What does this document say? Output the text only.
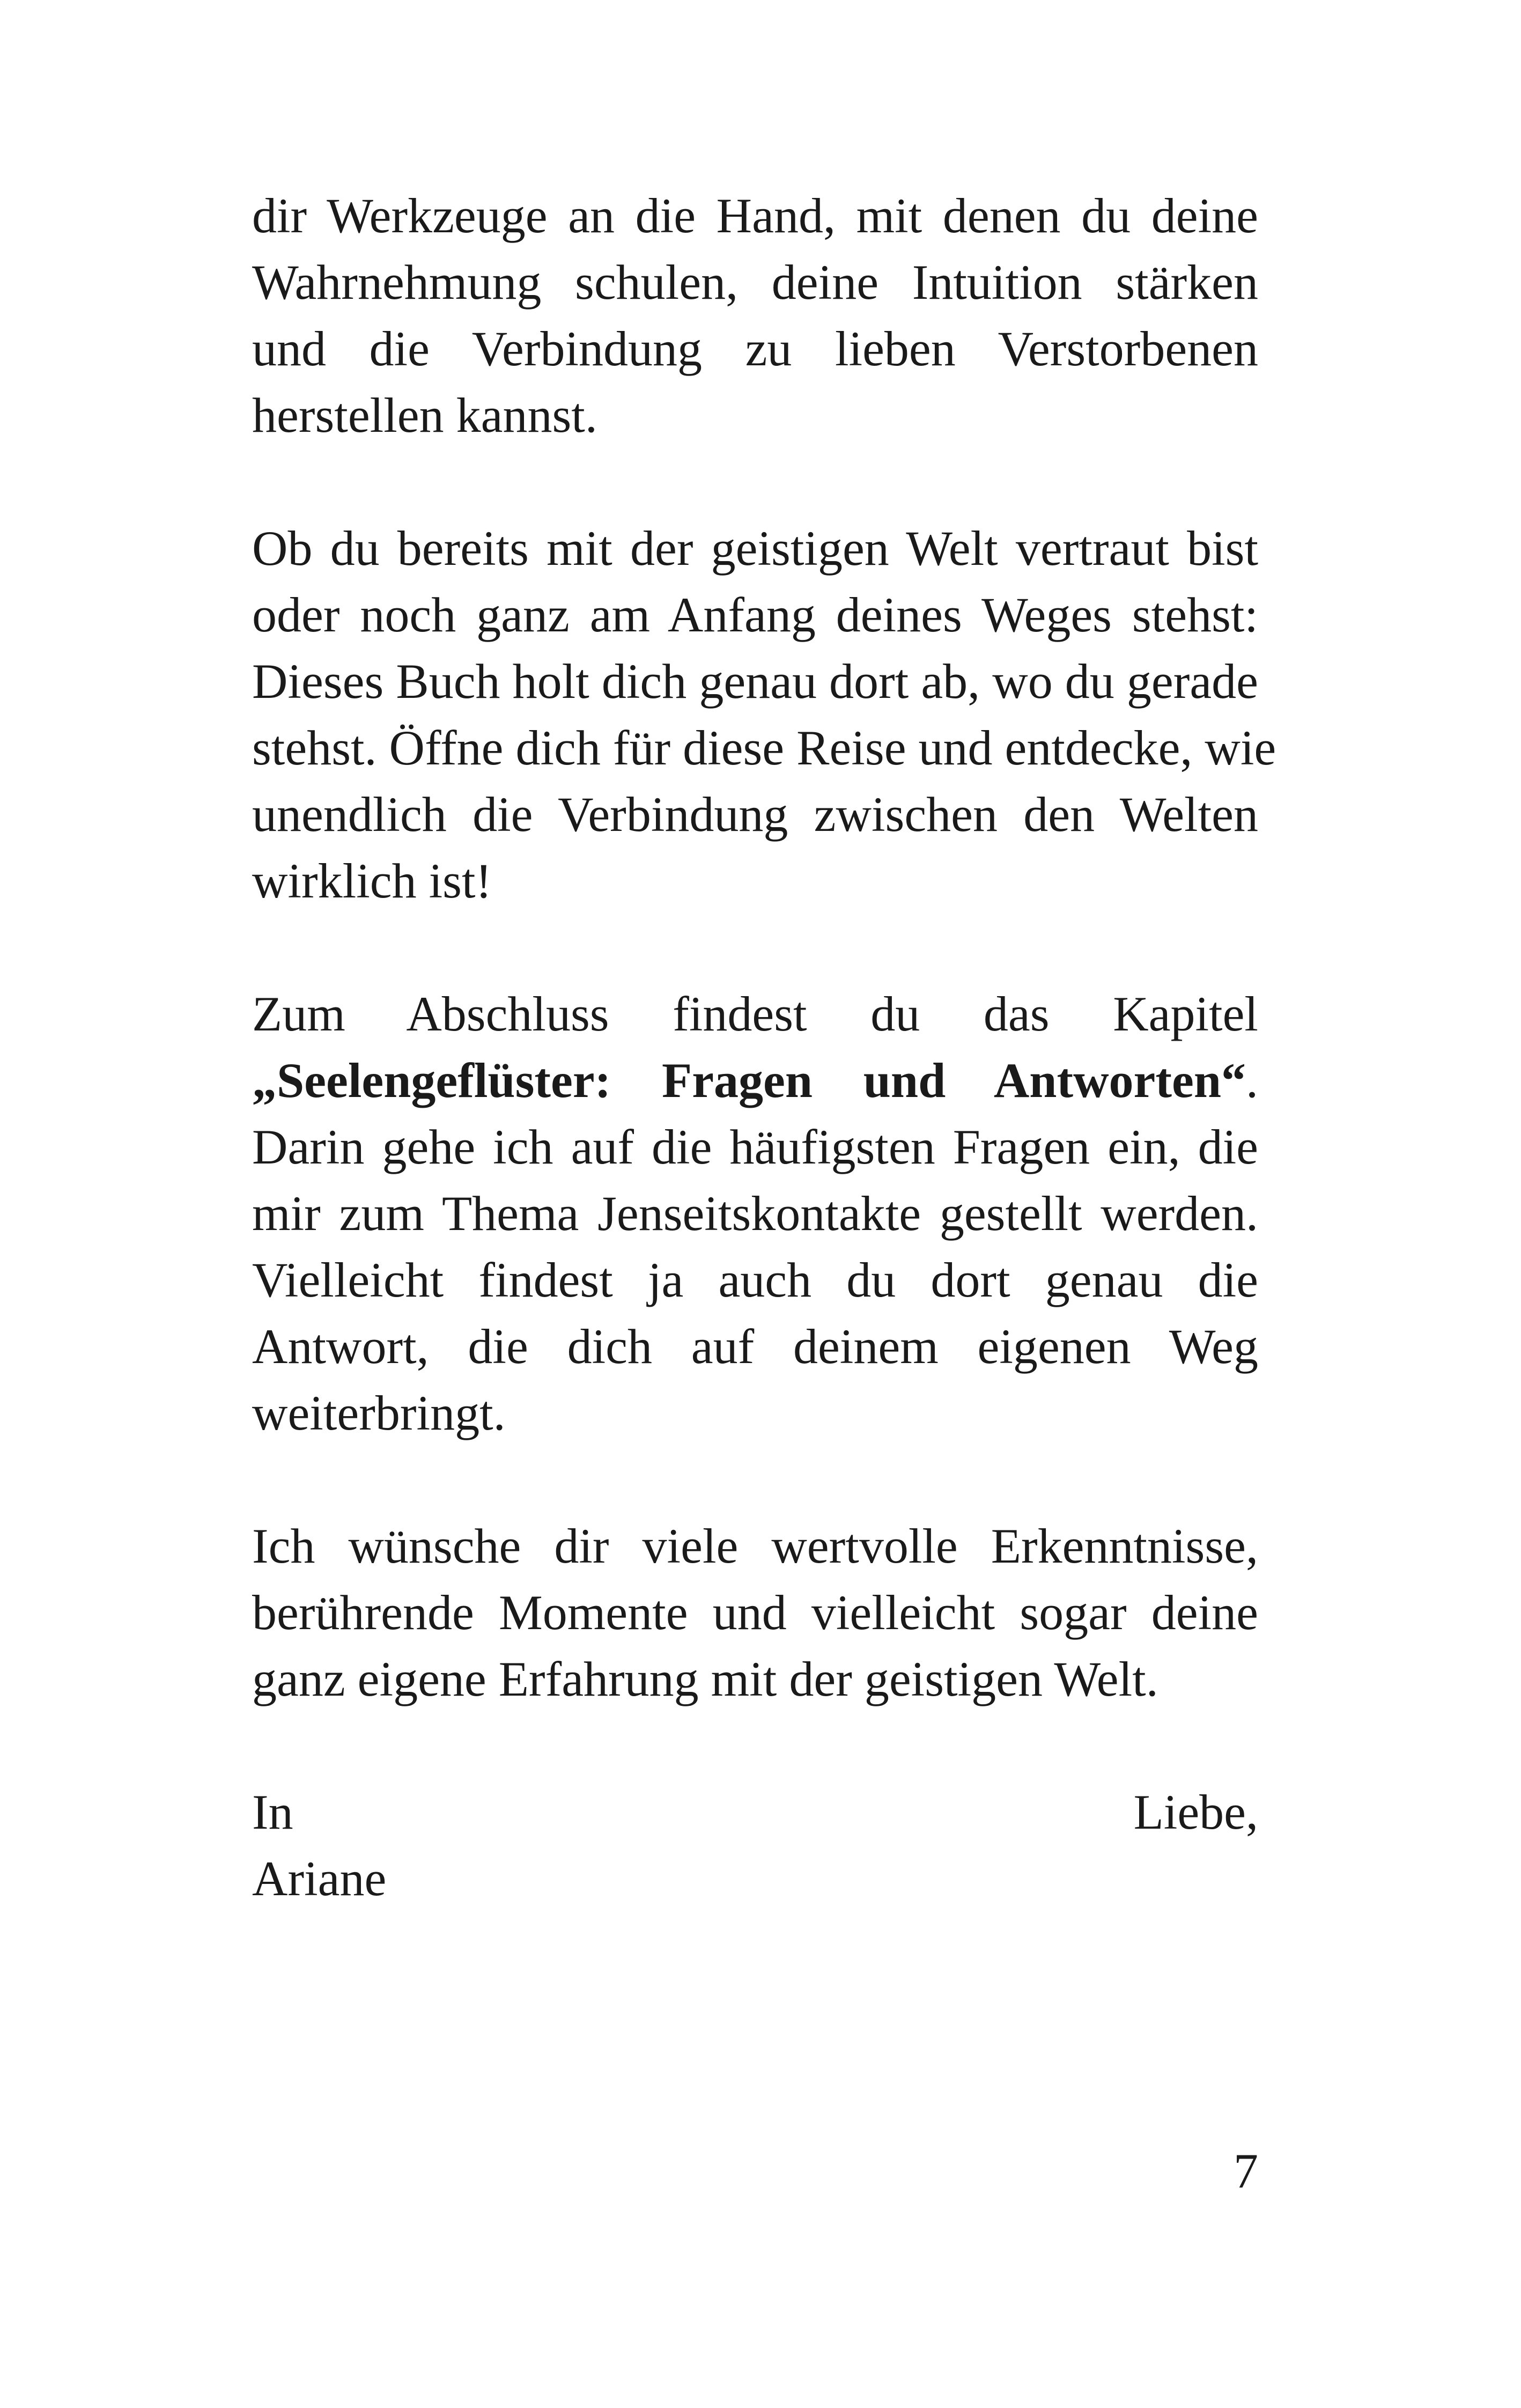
dir Werkzeuge an die Hand, mit denen du deine
Wahrnehmung schulen, deine Intuition stärken
und die Verbindung zu lieben Verstorbenen
herstellen kannst.

Ob du bereits mit der geistigen Welt vertraut bist
oder noch ganz am Anfang deines Weges stehst:
Dieses Buch holt dich genau dort ab, wo du gerade
stehst. Öffne dich für diese Reise und entdecke, wie
unendlich die Verbindung zwischen den Welten
wirklich ist!

Zum Abschluss findest du das Kapitel
„Seelengeflüster: Fragen und Antworten“.
Darin gehe ich auf die häufigsten Fragen ein, die
mir zum Thema Jenseitskontakte gestellt werden.
Vielleicht findest ja auch du dort genau die
Antwort, die dich auf deinem eigenen Weg
weiterbringt.

Ich wünsche dir viele wertvolle Erkenntnisse,
berührende Momente und vielleicht sogar deine
ganz eigene Erfahrung mit der geistigen Welt.

In Liebe,
Ariane

7
